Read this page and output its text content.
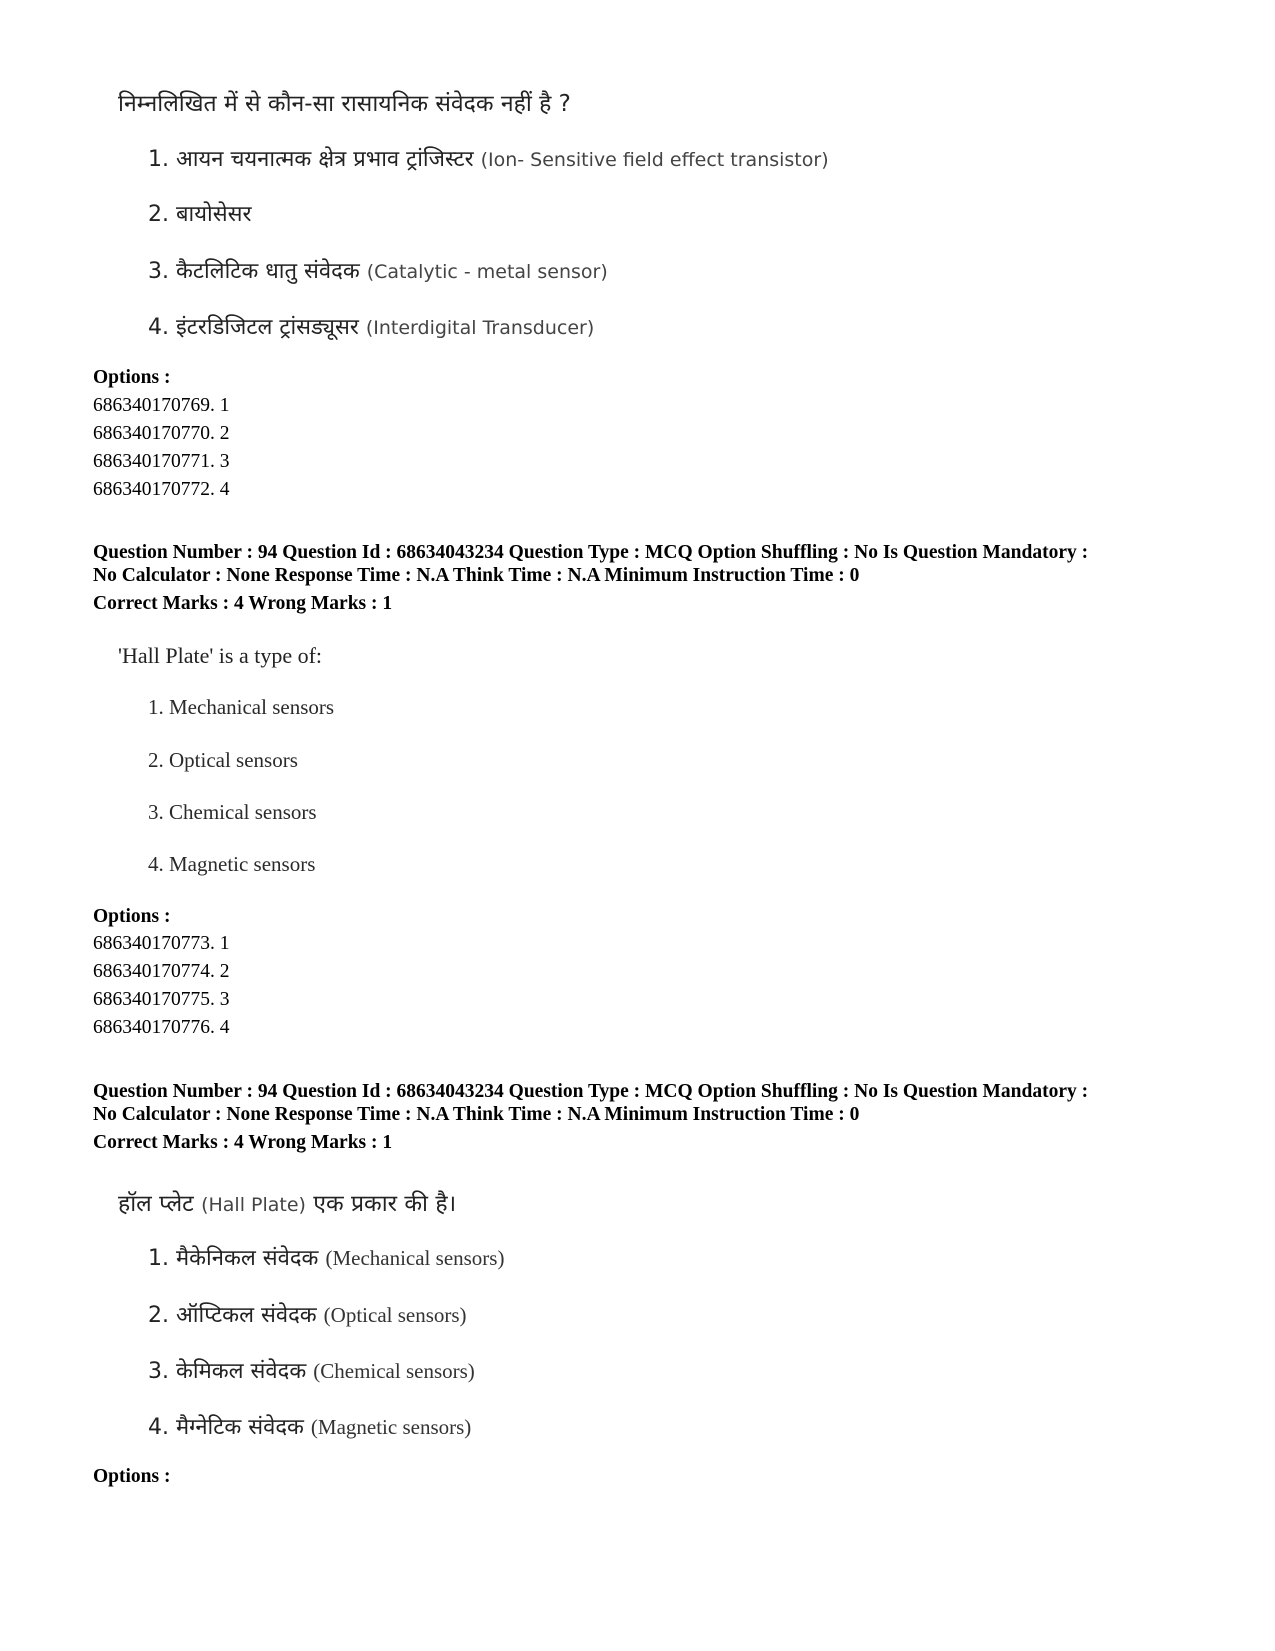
निम्नलिखित में से कौन-सा रासायनिक संवेदक नहीं है ?
1. आयन चयनात्मक क्षेत्र प्रभाव ट्रांजिस्टर (Ion- Sensitive field effect transistor)
2. बायोसेसर
3. कैटलिटिक धातु संवेदक (Catalytic - metal sensor)
4. इंटरडिजिटल ट्रांसड्यूसर (Interdigital Transducer)
Options :
686340170769. 1
686340170770. 2
686340170771. 3
686340170772. 4
Question Number : 94 Question Id : 68634043234 Question Type : MCQ Option Shuffling : No Is Question Mandatory :
No Calculator : None Response Time : N.A Think Time : N.A Minimum Instruction Time : 0
Correct Marks : 4 Wrong Marks : 1
'Hall Plate' is a type of:
1. Mechanical sensors
2. Optical sensors
3. Chemical sensors
4. Magnetic sensors
Options :
686340170773. 1
686340170774. 2
686340170775. 3
686340170776. 4
Question Number : 94 Question Id : 68634043234 Question Type : MCQ Option Shuffling : No Is Question Mandatory :
No Calculator : None Response Time : N.A Think Time : N.A Minimum Instruction Time : 0
Correct Marks : 4 Wrong Marks : 1
हॉल प्लेट (Hall Plate) एक प्रकार की है।
1. मैकेनिकल संवेदक (Mechanical sensors)
2. ऑप्टिकल संवेदक (Optical sensors)
3. केमिकल संवेदक (Chemical sensors)
4. मैग्नेटिक संवेदक (Magnetic sensors)
Options :
